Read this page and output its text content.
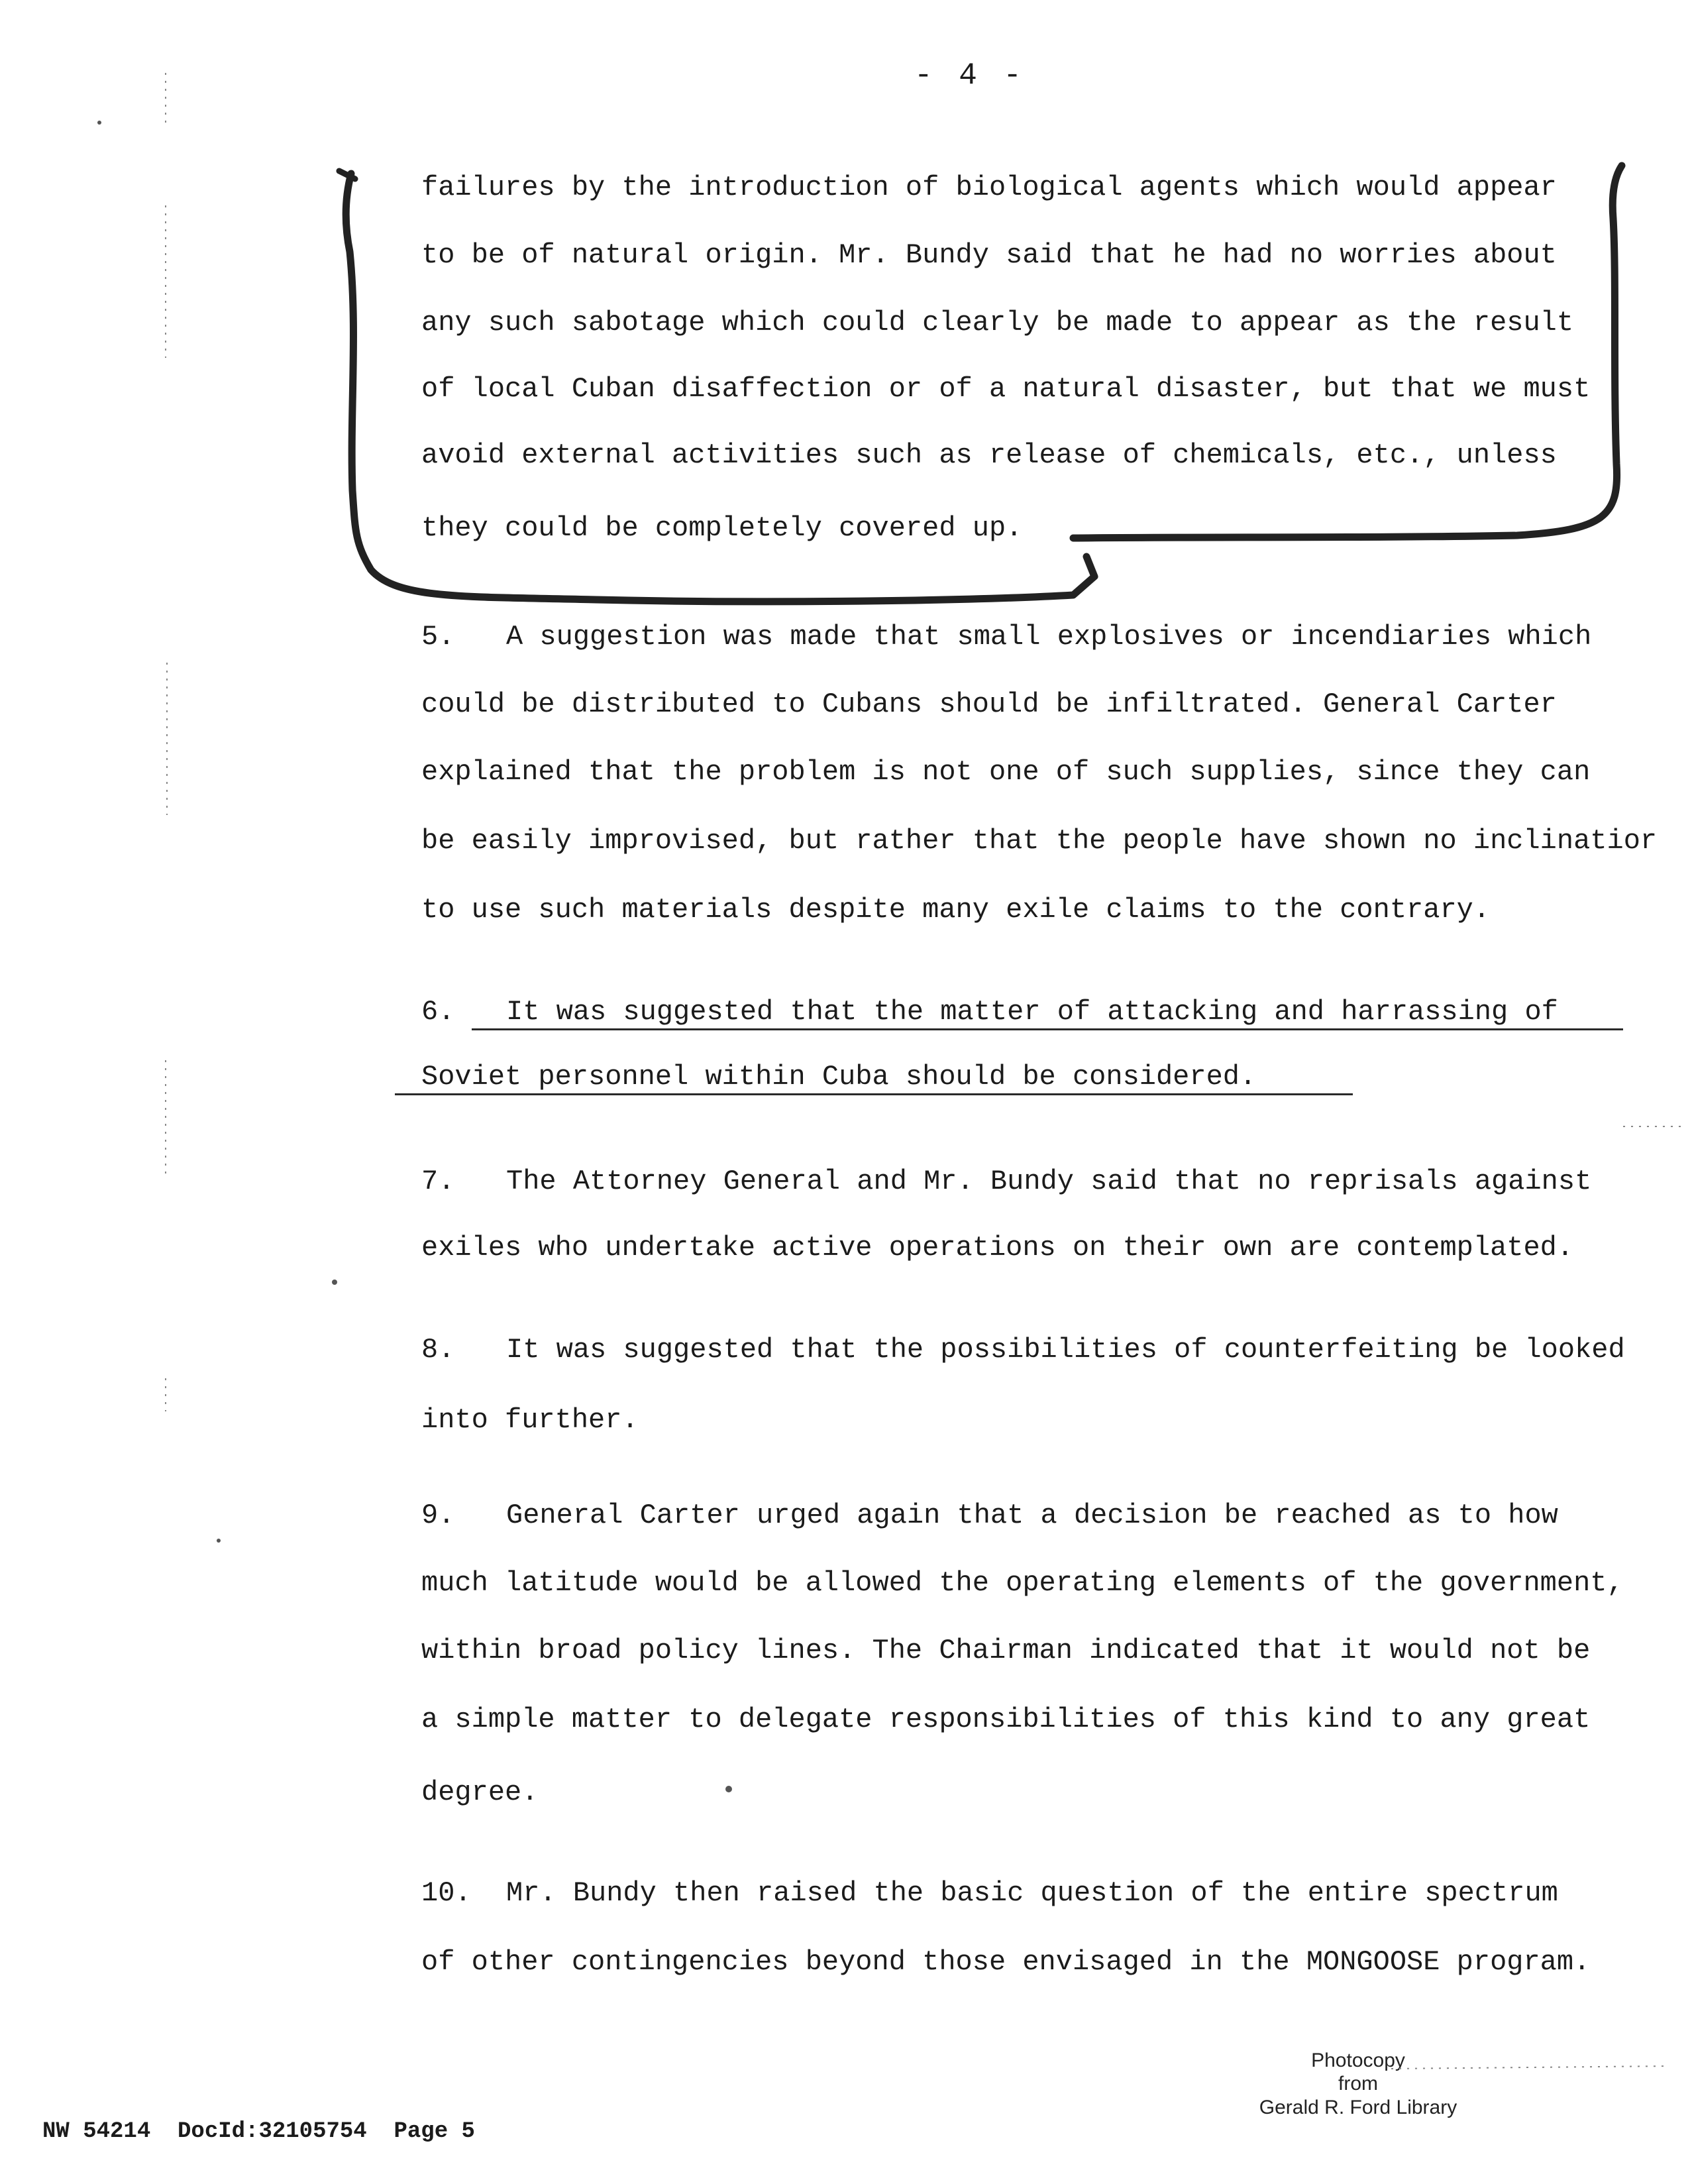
- 4 -
failures by the introduction of biological agents which would appear
to be of natural origin. Mr. Bundy said that he had no worries about
any such sabotage which could clearly be made to appear as the result
of local Cuban disaffection or of a natural disaster, but that we must
avoid external activities such as release of chemicals, etc., unless
they could be completely covered up.
5. A suggestion was made that small explosives or incendiaries which
could be distributed to Cubans should be infiltrated. General Carter
explained that the problem is not one of such supplies, since they can
be easily improvised, but rather that the people have shown no inclinatior
to use such materials despite many exile claims to the contrary.
6. It was suggested that the matter of attacking and harrassing of
Soviet personnel within Cuba should be considered.
7. The Attorney General and Mr. Bundy said that no reprisals against
exiles who undertake active operations on their own are contemplated.
8. It was suggested that the possibilities of counterfeiting be looked
into further.
9. General Carter urged again that a decision be reached as to how
much latitude would be allowed the operating elements of the government,
within broad policy lines. The Chairman indicated that it would not be
a simple matter to delegate responsibilities of this kind to any great
degree.
10. Mr. Bundy then raised the basic question of the entire spectrum
of other contingencies beyond those envisaged in the MONGOOSE program.
Photocopy
from
Gerald R. Ford Library
NW 54214  DocId:32105754  Page 5
